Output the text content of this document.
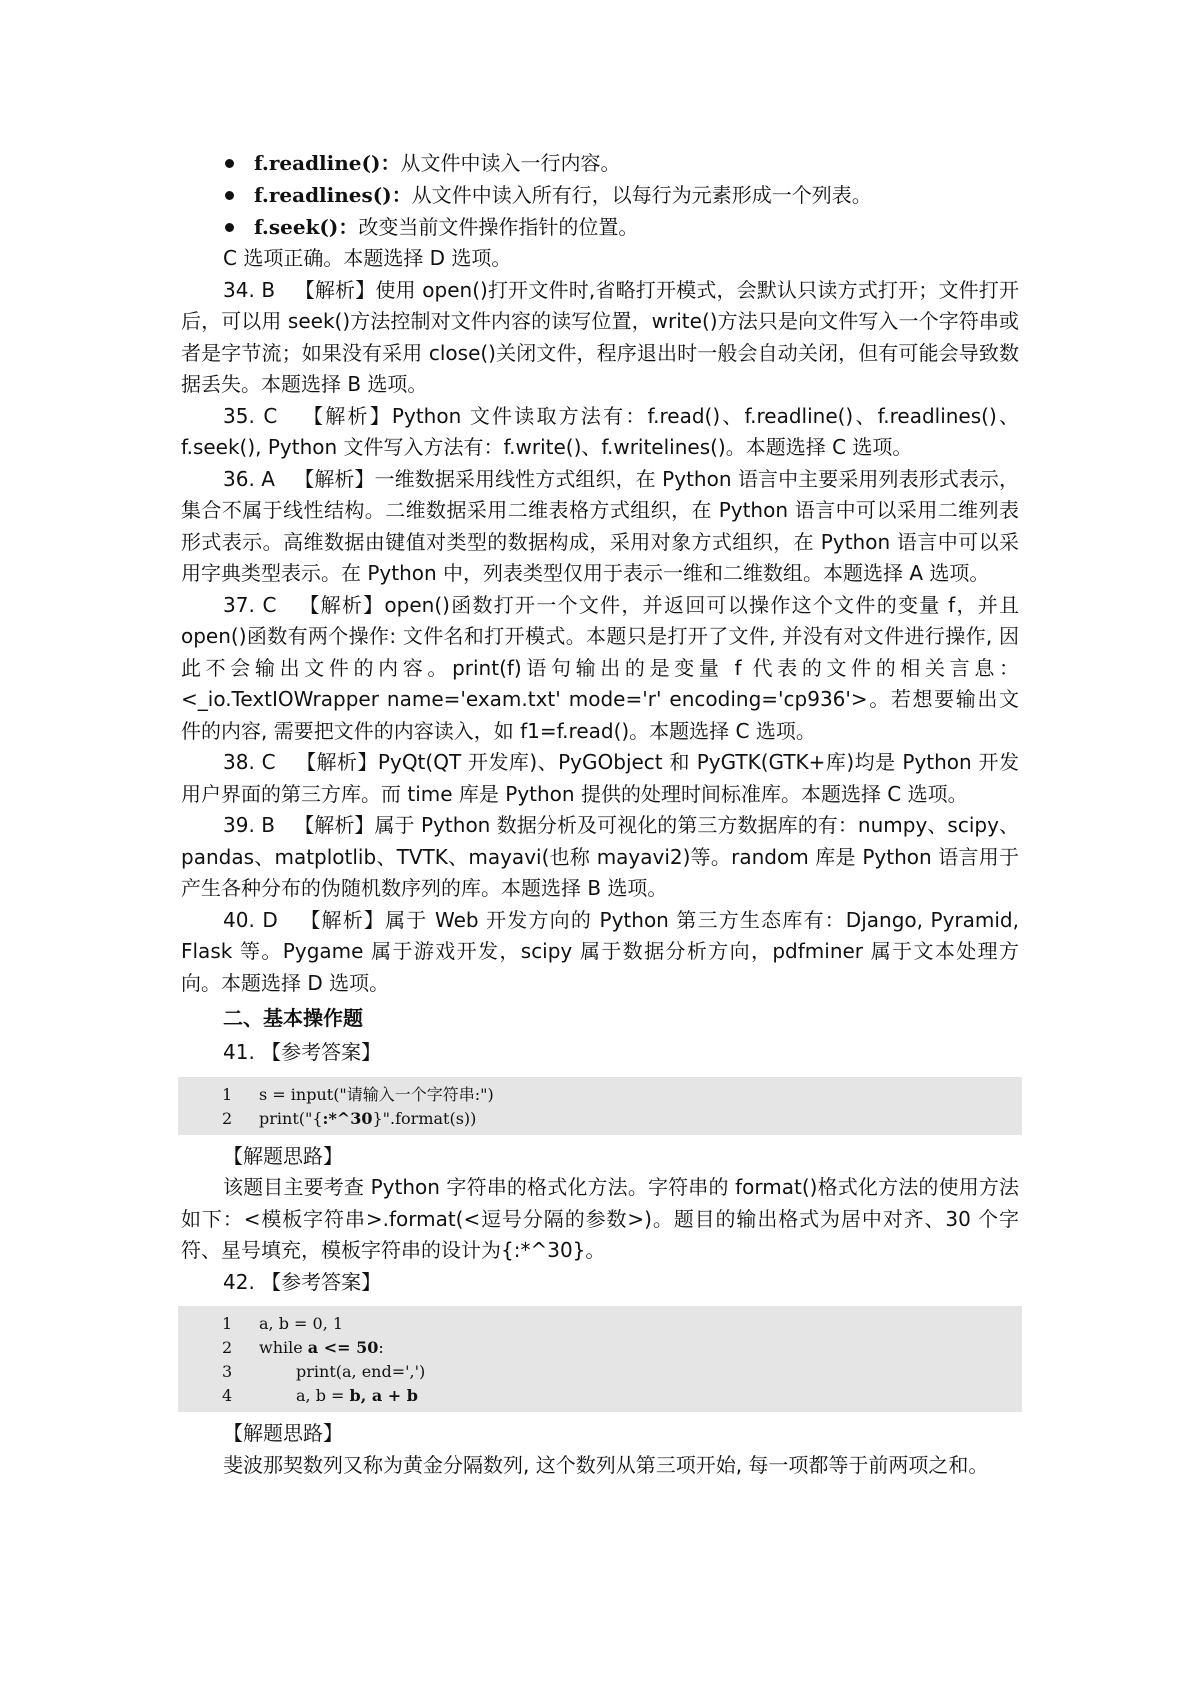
f.readline()：从文件中读入一行内容。
f.readlines()：从文件中读入所有行，以每行为元素形成一个列表。
f.seek()：改变当前文件操作指针的位置。

C 选项正确。本题选择 D 选项。

34. B 【解析】使用 open()打开文件时,省略打开模式，会默认只读方式打开；文件打开后，可以用 seek()方法控制对文件内容的读写位置，write()方法只是向文件写入一个字符串或者是字节流；如果没有采用 close()关闭文件，程序退出时一般会自动关闭，但有可能会导致数据丢失。本题选择 B 选项。

35. C 【解析】Python 文件读取方法有：f.read()、f.readline()、f.readlines()、f.seek(), Python 文件写入方法有：f.write()、f.writelines()。本题选择 C 选项。

36. A 【解析】一维数据采用线性方式组织，在 Python 语言中主要采用列表形式表示，集合不属于线性结构。二维数据采用二维表格方式组织，在 Python 语言中可以采用二维列表形式表示。高维数据由键值对类型的数据构成，采用对象方式组织，在 Python 语言中可以采用字典类型表示。在 Python 中，列表类型仅用于表示一维和二维数组。本题选择 A 选项。

37. C 【解析】open()函数打开一个文件，并返回可以操作这个文件的变量 f，并且 open()函数有两个操作: 文件名和打开模式。本题只是打开了文件, 并没有对文件进行操作, 因此不会输出文件的内容。print(f)语句输出的是变量 f 代表的文件的相关言息：<_io.TextIOWrapper name='exam.txt' mode='r' encoding='cp936'>。若想要输出文件的内容, 需要把文件的内容读入，如 f1=f.read()。本题选择 C 选项。

38. C 【解析】PyQt(QT 开发库)、PyGObject 和 PyGTK(GTK+库)均是 Python 开发用户界面的第三方库。而 time 库是 Python 提供的处理时间标准库。本题选择 C 选项。

39. B 【解析】属于 Python 数据分析及可视化的第三方数据库的有：numpy、scipy、pandas、matplotlib、TVTK、mayavi(也称 mayavi2)等。random 库是 Python 语言用于产生各种分布的伪随机数序列的库。本题选择 B 选项。

40. D 【解析】属于 Web 开发方向的 Python 第三方生态库有：Django, Pyramid, Flask 等。Pygame 属于游戏开发，scipy 属于数据分析方向，pdfminer 属于文本处理方向。本题选择 D 选项。

二、基本操作题

41. 【参考答案】

1 s = input("请输入一个字符串:")
2 print("{:*^30}".format(s))

【解题思路】

该题目主要考查 Python 字符串的格式化方法。字符串的 format()格式化方法的使用方法如下：<模板字符串>.format(<逗号分隔的参数>)。题目的输出格式为居中对齐、30 个字符、星号填充，模板字符串的设计为{:*^30}。

42. 【参考答案】

1 a, b = 0, 1
2 while a <= 50:
3	print(a, end=',')
4	a, b = b, a + b

【解题思路】

斐波那契数列又称为黄金分隔数列, 这个数列从第三项开始, 每一项都等于前两项之和。
